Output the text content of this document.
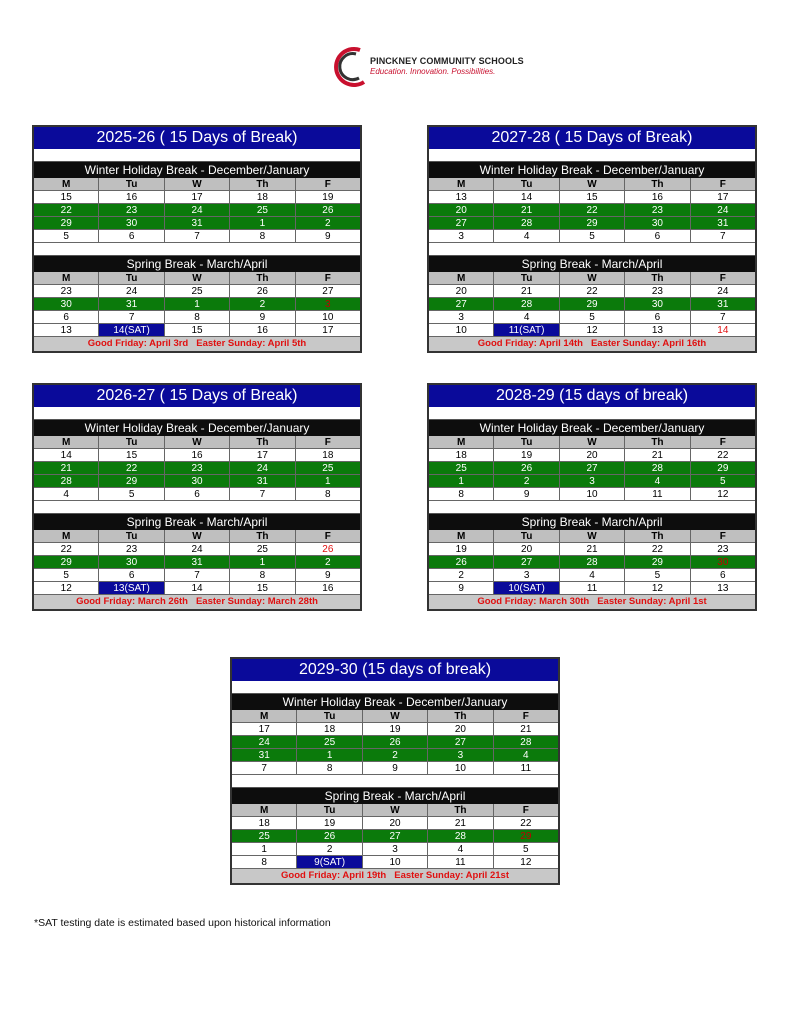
PINCKNEY COMMUNITY SCHOOLS
Education. Innovation. Possibilities.
2025-26 ( 15 Days of Break)
Winter Holiday Break - December/January
M	Tu	W	Th	F
15	16	17	18	19
22	23	24	25	26
29	30	31	1	2
5	6	7	8	9
Spring Break - March/April
M	Tu	W	Th	F
23	24	25	26	27
30	31	1	2	3
6	7	8	9	10
13	14(SAT)	15	16	17
Good Friday: April 3rd Easter Sunday: April 5th
2027-28 ( 15 Days of Break)
Winter Holiday Break - December/January
M	Tu	W	Th	F
13	14	15	16	17
20	21	22	23	24
27	28	29	30	31
3	4	5	6	7
Spring Break - March/April
M	Tu	W	Th	F
20	21	22	23	24
27	28	29	30	31
3	4	5	6	7
10	11(SAT)	12	13	14
Good Friday: April 14th Easter Sunday: April 16th
2026-27 ( 15 Days of Break)
Winter Holiday Break - December/January
M	Tu	W	Th	F
14	15	16	17	18
21	22	23	24	25
28	29	30	31	1
4	5	6	7	8
Spring Break - March/April
M	Tu	W	Th	F
22	23	24	25	26
29	30	31	1	2
5	6	7	8	9
12	13(SAT)	14	15	16
Good Friday: March 26th Easter Sunday: March 28th
2028-29 (15 days of break)
Winter Holiday Break - December/January
M	Tu	W	Th	F
18	19	20	21	22
25	26	27	28	29
1	2	3	4	5
8	9	10	11	12
Spring Break - March/April
M	Tu	W	Th	F
19	20	21	22	23
26	27	28	29	30
2	3	4	5	6
9	10(SAT)	11	12	13
Good Friday: March 30th Easter Sunday: April 1st
2029-30 (15 days of break)
Winter Holiday Break - December/January
M	Tu	W	Th	F
17	18	19	20	21
24	25	26	27	28
31	1	2	3	4
7	8	9	10	11
Spring Break - March/April
M	Tu	W	Th	F
18	19	20	21	22
25	26	27	28	29
1	2	3	4	5
8	9(SAT)	10	11	12
Good Friday: April 19th Easter Sunday: April 21st
*SAT testing date is estimated based upon historical information
